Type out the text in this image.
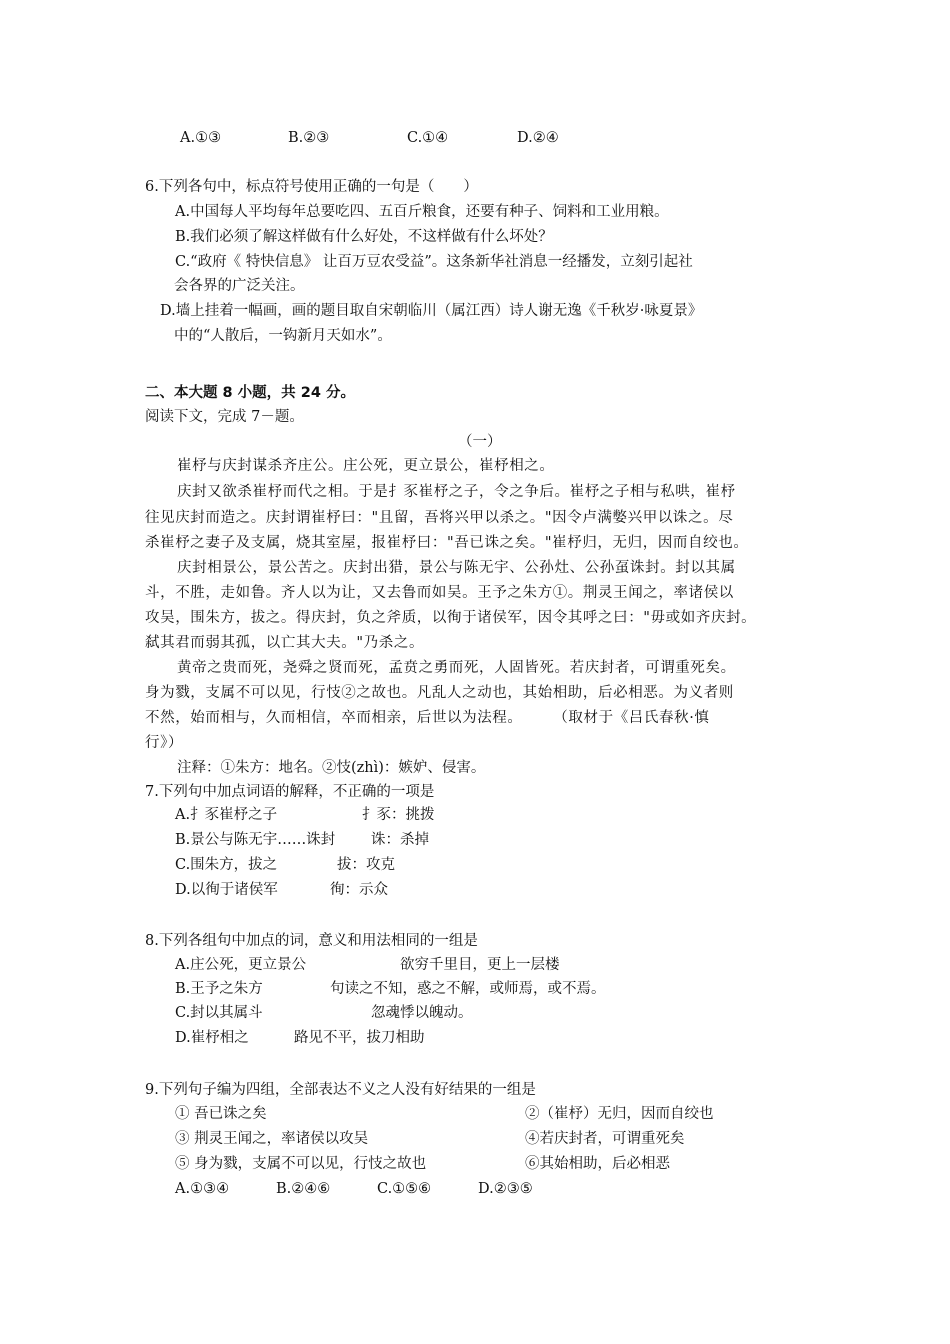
A.①③	B.②③	C.①④	D.②④
6.下列各句中，标点符号使用正确的一句是（　　）
A.中国每人平均每年总要吃四、五百斤粮食，还要有种子、饲料和工业用粮。
B.我们必须了解这样做有什么好处，不这样做有什么坏处？
C.“政府《 特快信息》 让百万豆农受益”。这条新华社消息一经播发，立刻引起社
会各界的广泛关注。
D.墙上挂着一幅画，画的题目取自宋朝临川（属江西）诗人谢无逸《千秋岁·咏夏景》
中的“人散后，一钩新月天如水”。
二、本大题 8 小题，共 24 分。
阅读下文，完成 7－题。
（一）
崔杼与庆封谋杀齐庄公。庄公死，更立景公，崔杼相之。
庆封又欲杀崔杼而代之相。于是扌豕崔杼之子，令之争后。崔杼之子相与私哄，崔杼
往见庆封而造之。庆封谓崔杼曰："且留，吾将兴甲以杀之。"因令卢满嫳兴甲以诛之。尽
杀崔杼之妻子及支属，烧其室屋，报崔杼曰："吾已诛之矣。"崔杼归，无归，因而自绞也。
庆封相景公，景公苦之。庆封出猎，景公与陈无宇、公孙灶、公孙虿诛封。封以其属
斗，不胜，走如鲁。齐人以为让，又去鲁而如吴。王予之朱方①。荆灵王闻之，率诸侯以
攻吴，围朱方，拔之。得庆封，负之斧质，以徇于诸侯军，因令其呼之曰："毋或如齐庆封。
弑其君而弱其孤，以亡其大夫。"乃杀之。
黄帝之贵而死，尧舜之贤而死，孟贲之勇而死，人固皆死。若庆封者，可谓重死矣。
身为戮，支属不可以见，行忮②之故也。凡乱人之动也，其始相助，后必相恶。为义者则
不然，始而相与，久而相信，卒而相亲，后世以为法程。　　　（取材于《吕氏春秋·慎
行》）
注释：①朱方：地名。②忮(zhì)：嫉妒、侵害。
7.下列句中加点词语的解释，不正确的一项是
A.扌豕崔杼之子	扌豕：挑拨
B.景公与陈无宇……诛封 诛：杀掉
C.围朱方，拔之	拔：攻克
D.以徇于诸侯军	徇：示众
8.下列各组句中加点的词，意义和用法相同的一组是
A.庄公死，更立景公	欲穷千里目，更上一层楼
B.王予之朱方	句读之不知，惑之不解，或师焉，或不焉。
C.封以其属斗	忽魂悸以魄动。
D.崔杼相之	路见不平，拔刀相助
9.下列句子编为四组，全部表达不义之人没有好结果的一组是
① 吾已诛之矣	②（崔杼）无归，因而自绞也
③ 荆灵王闻之，率诸侯以攻吴	④若庆封者，可谓重死矣
⑤ 身为戮，支属不可以见，行忮之故也	⑥其始相助，后必相恶
A.①③④	B.②④⑥	C.①⑤⑥	D.②③⑤
